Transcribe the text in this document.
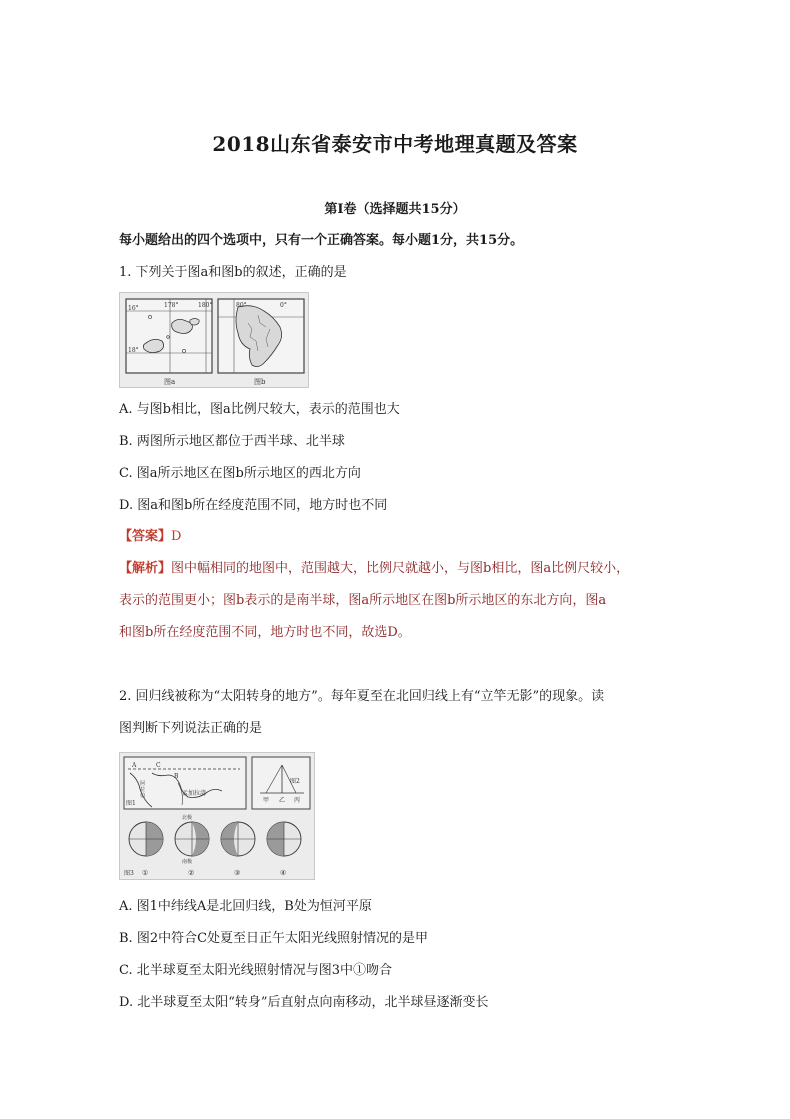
2018山东省泰安市中考地理真题及答案
第Ⅰ卷（选择题共15分）
每小题给出的四个选项中，只有一个正确答案。每小题1分，共15分。
1. 下列关于图a和图b的叙述，正确的是
178°	180°
16°
18°
图a
80°	0°
图b
A. 与图b相比，图a比例尺较大，表示的范围也大
B. 两图所示地区都位于西半球、北半球
C. 图a所示地区在图b所示地区的西北方向
D. 图a和图b所在经度范围不同，地方时也不同
【答案】D
【解析】图中幅相同的地图中，范围越大，比例尺就越小，与图b相比，图a比例尺较小，
表示的范围更小；图b表示的是南半球，图a所示地区在图b所示地区的东北方向，图a
和图b所在经度范围不同，地方时也不同，故选D。
2. 回归线被称为“太阳转身的地方”。每年夏至在北回归线上有“立竿无影”的现象。读
图判断下列说法正确的是
A
B
C
孟加拉湾
阿
拉
伯
图1	甲 乙 丙
图2
北极
南极
①	②	③	④
图3
A. 图1中纬线A是北回归线，B处为恒河平原
B. 图2中符合C处夏至日正午太阳光线照射情况的是甲
C. 北半球夏至太阳光线照射情况与图3中①吻合
D. 北半球夏至太阳“转身”后直射点向南移动，北半球昼逐渐变长
